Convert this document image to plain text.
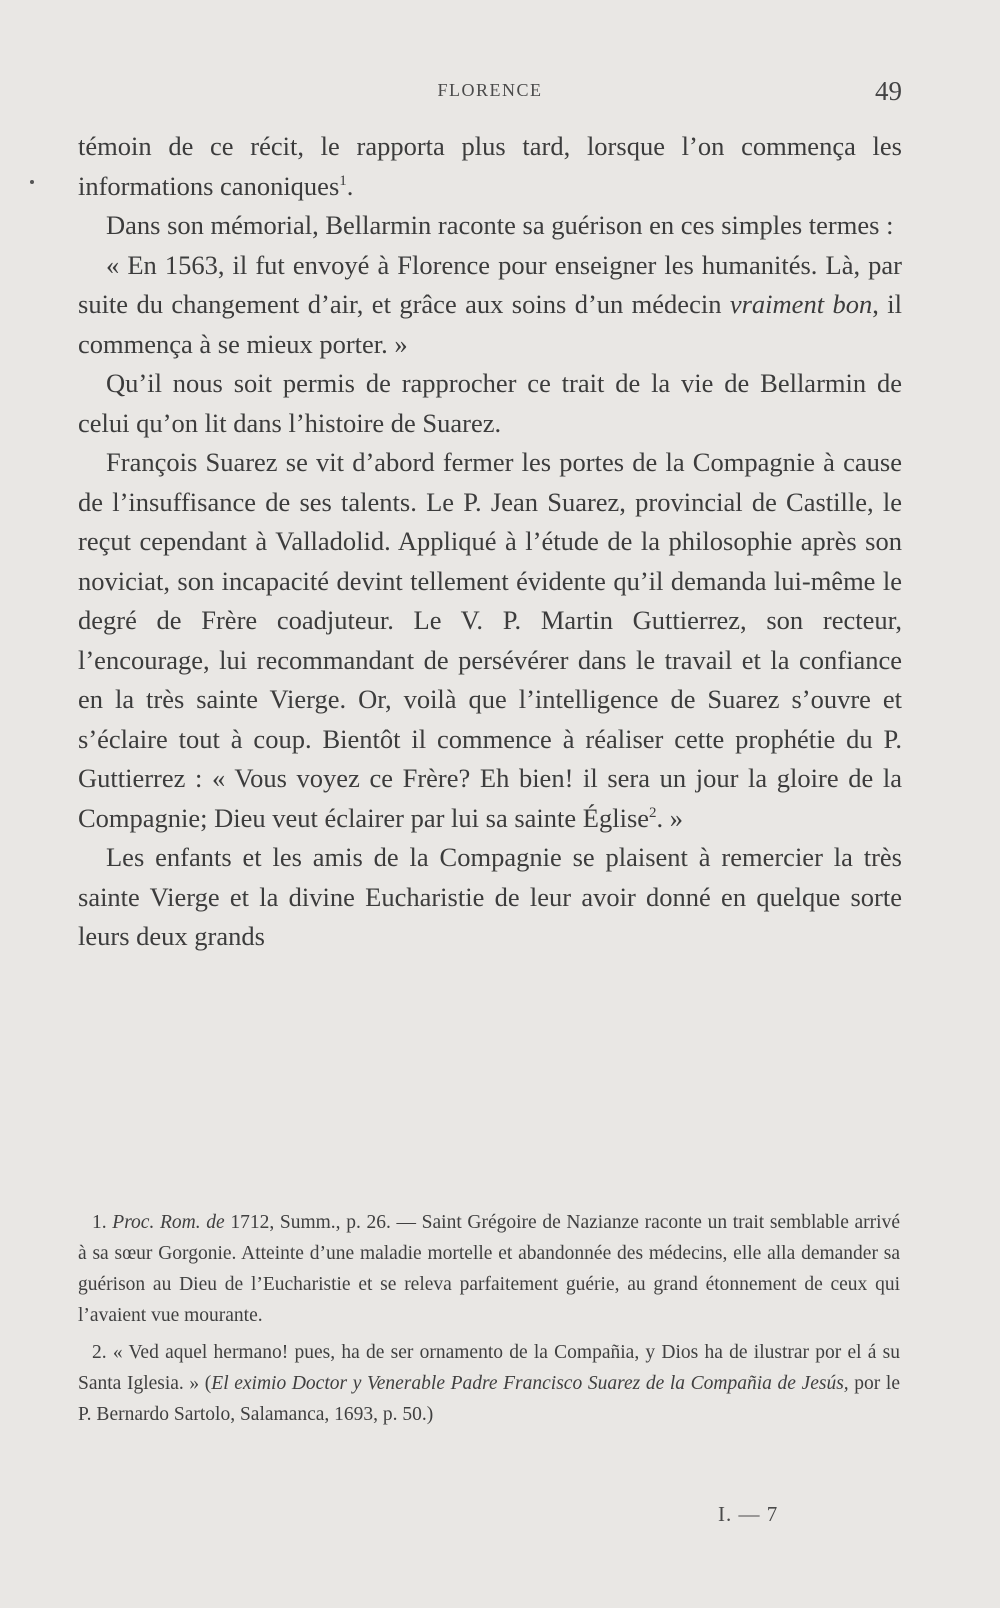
FLORENCE	49

témoin de ce récit, le rapporta plus tard, lorsque l’on commença les informations canoniques$^1$.

Dans son mémorial, Bellarmin raconte sa guérison en ces simples termes :

« En 1563, il fut envoyé à Florence pour enseigner les humanités. Là, par suite du changement d’air, et grâce aux soins d’un médecin vraiment bon, il commença à se mieux porter. »

Qu’il nous soit permis de rapprocher ce trait de la vie de Bellarmin de celui qu’on lit dans l’histoire de Suarez.

François Suarez se vit d’abord fermer les portes de la Compagnie à cause de l’insuffisance de ses talents. Le P. Jean Suarez, provincial de Castille, le reçut cependant à Valladolid. Appliqué à l’étude de la philosophie après son noviciat, son incapacité devint tellement évidente qu’il demanda lui-même le degré de Frère coadjuteur. Le V. P. Martin Guttierrez, son recteur, l’encourage, lui recommandant de persévérer dans le travail et la confiance en la très sainte Vierge. Or, voilà que l’intelligence de Suarez s’ouvre et s’éclaire tout à coup. Bientôt il commence à réaliser cette prophétie du P. Guttierrez : « Vous voyez ce Frère? Eh bien! il sera un jour la gloire de la Compagnie; Dieu veut éclairer par lui sa sainte Église$^2$. »

Les enfants et les amis de la Compagnie se plaisent à remercier la très sainte Vierge et la divine Eucharistie de leur avoir donné en quelque sorte leurs deux grands

1. Proc. Rom. de 1712, Summ., p. 26. — Saint Grégoire de Nazianze raconte un trait semblable arrivé à sa sœur Gorgonie. Atteinte d’une maladie mortelle et abandonnée des médecins, elle alla demander sa guérison au Dieu de l’Eucharistie et se releva parfaitement guérie, au grand étonnement de ceux qui l’avaient vue mourante.

2. « Ved aquel hermano! pues, ha de ser ornamento de la Compañia, y Dios ha de ilustrar por el á su Santa Iglesia. » (El eximio Doctor y Venerable Padre Francisco Suarez de la Compañia de Jesús, por le P. Bernardo Sartolo, Salamanca, 1693, p. 50.)

I. — 7
